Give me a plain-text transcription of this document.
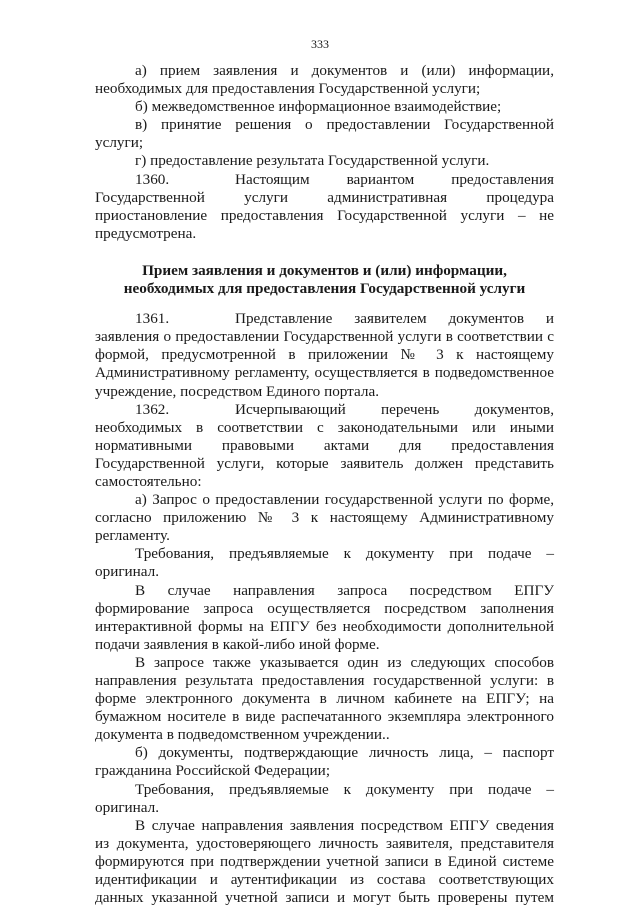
333

а) прием заявления и документов и (или) информации, необходимых для предоставления Государственной услуги;

б) межведомственное информационное взаимодействие;

в) принятие решения о предоставлении Государственной услуги;

г) предоставление результата Государственной услуги.

1360.	Настоящим вариантом предоставления Государственной услуги административная процедура приостановление предоставления Государственной услуги – не предусмотрена.

Прием заявления и документов и (или) информации,

необходимых для предоставления Государственной услуги

1361.	Представление заявителем документов и заявления о предоставлении Государственной услуги в соответствии с формой, предусмотренной в приложении № 3 к настоящему Административному регламенту, осуществляется в подведомственное учреждение, посредством Единого портала.

1362.	Исчерпывающий перечень документов, необходимых в соответствии с законодательными или иными нормативными правовыми актами для предоставления Государственной услуги, которые заявитель должен представить самостоятельно:

а) Запрос о предоставлении государственной услуги по форме, согласно приложению № 3 к настоящему Административному регламенту.

Требования, предъявляемые к документу при подаче – оригинал.

В случае направления запроса посредством ЕПГУ формирование запроса осуществляется посредством заполнения интерактивной формы на ЕПГУ без необходимости дополнительной подачи заявления в какой-либо иной форме.

В запросе также указывается один из следующих способов направления результата предоставления государственной услуги: в форме электронного документа в личном кабинете на ЕПГУ; на бумажном носителе в виде распечатанного экземпляра электронного документа в подведомственном учреждении..

б) документы, подтверждающие личность лица, – паспорт гражданина Российской Федерации;

Требования, предъявляемые к документу при подаче – оригинал.

В случае направления заявления посредством ЕПГУ сведения из документа, удостоверяющего личность заявителя, представителя формируются при подтверждении учетной записи в Единой системе идентификации и аутентификации из состава соответствующих данных указанной учетной записи и могут быть проверены путем
